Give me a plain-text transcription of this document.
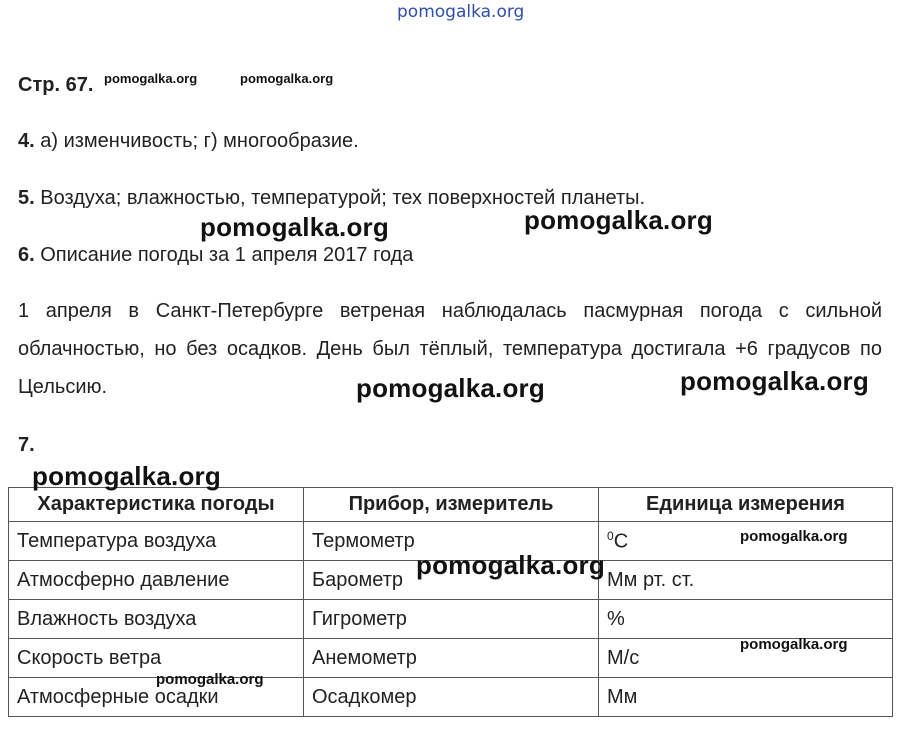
pomogalka.org
Стр. 67.
4. а) изменчивость; г) многообразие.
5. Воздуха; влажностью, температурой; тех поверхностей планеты.
6. Описание погоды за 1 апреля 2017 года
1 апреля в Санкт-Петербурге ветреная наблюдалась пасмурная погода с сильной облачностью, но без осадков. День был тёплый, температура достигала +6 градусов по Цельсию.
7.
Характеристика погоды	Прибор, измеритель	Единица измерения
Температура воздуха	Термометр	$^0$С
Атмосферно давление	Барометр	Мм рт. ст.
Влажность воздуха	Гигрометр	%
Скорость ветра	Анемометр	М/с
Атмосферные осадки	Осадкомер	Мм
pomogalka.org	pomogalka.org
pomogalka.org	pomogalka.org
pomogalka.org	pomogalka.org
pomogalka.org
pomogalka.org
pomogalka.org
pomogalka.org
pomogalka.org
